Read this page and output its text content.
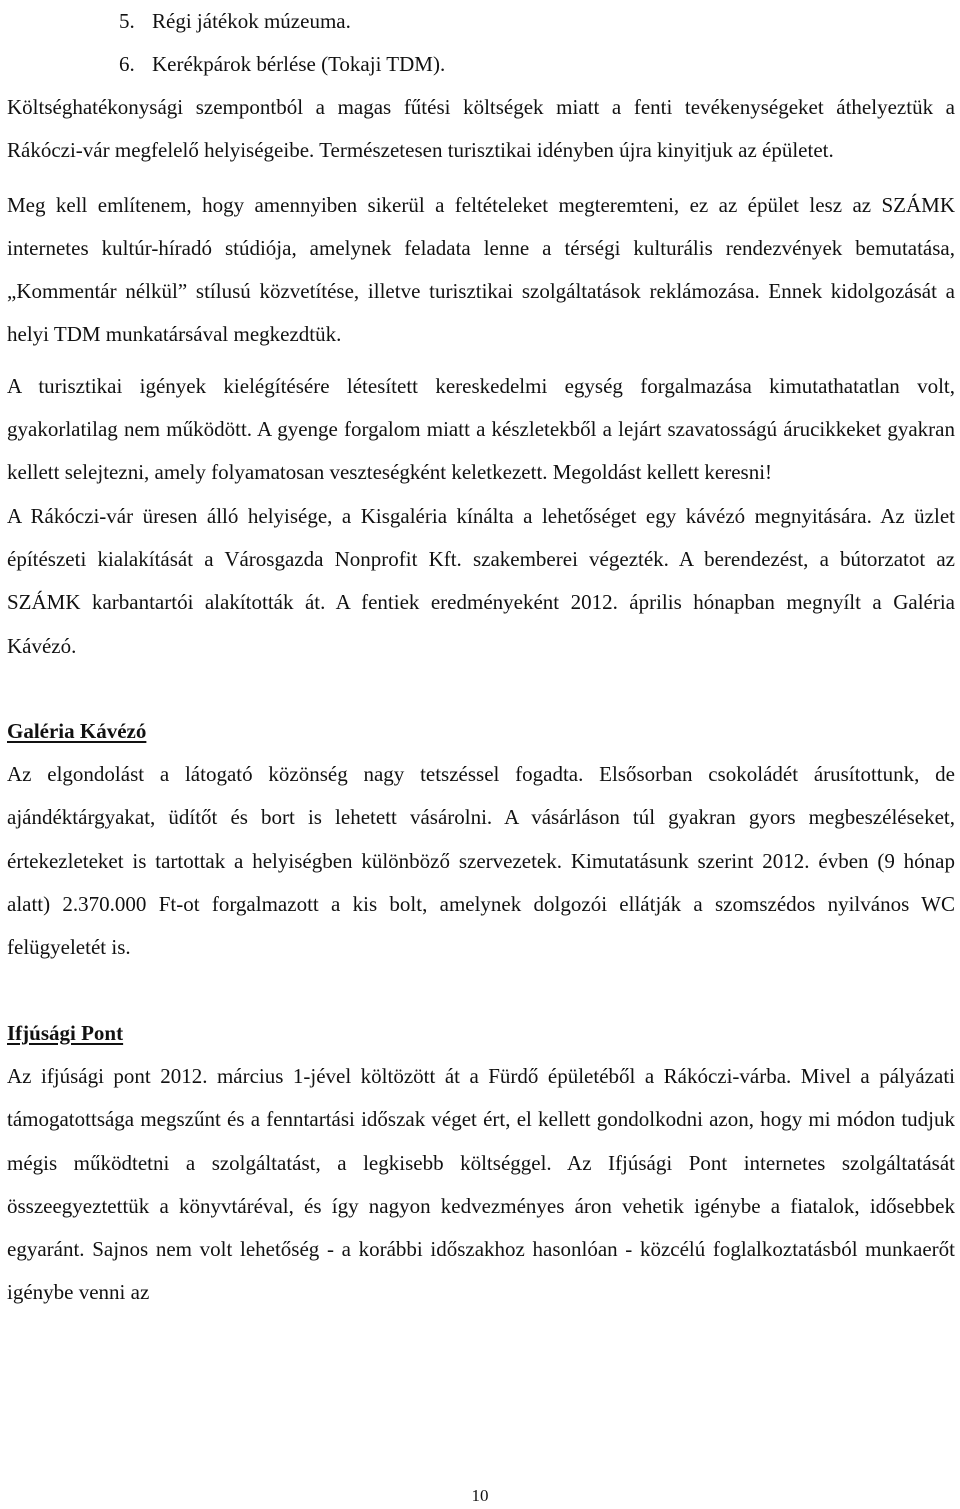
5. Régi játékok múzeuma.
6. Kerékpárok bérlése (Tokaji TDM).

Költséghatékonysági szempontból a magas fűtési költségek miatt a fenti tevékenységeket áthelyeztük a Rákóczi-vár megfelelő helyiségeibe. Természetesen turisztikai idényben újra kinyitjuk az épületet.

Meg kell említenem, hogy amennyiben sikerül a feltételeket megteremteni, ez az épület lesz az SZÁMK internetes kultúr-híradó stúdiója, amelynek feladata lenne a térségi kulturális rendezvények bemutatása, „Kommentár nélkül” stílusú közvetítése, illetve turisztikai szolgáltatások reklámozása. Ennek kidolgozását a helyi TDM munkatársával megkezdtük.

A turisztikai igények kielégítésére létesített kereskedelmi egység forgalmazása kimutathatatlan volt, gyakorlatilag nem működött. A gyenge forgalom miatt a készletekből a lejárt szavatosságú árucikkeket gyakran kellett selejtezni, amely folyamatosan veszteségként keletkezett. Megoldást kellett keresni!

A Rákóczi-vár üresen álló helyisége, a Kisgaléria kínálta a lehetőséget egy kávézó megnyitására. Az üzlet építészeti kialakítását a Városgazda Nonprofit Kft. szakemberei végezték. A berendezést, a bútorzatot az SZÁMK karbantartói alakították át. A fentiek eredményeként 2012. április hónapban megnyílt a Galéria Kávézó.

Galéria Kávézó

Az elgondolást a látogató közönség nagy tetszéssel fogadta. Elsősorban csokoládét árusítottunk, de ajándéktárgyakat, üdítőt és bort is lehetett vásárolni. A vásárláson túl gyakran gyors megbeszéléseket, értekezleteket is tartottak a helyiségben különböző szervezetek. Kimutatásunk szerint 2012. évben (9 hónap alatt) 2.370.000 Ft-ot forgalmazott a kis bolt, amelynek dolgozói ellátják a szomszédos nyilvános WC felügyeletét is.

Ifjúsági Pont

Az ifjúsági pont 2012. március 1-jével költözött át a Fürdő épületéből a Rákóczi-várba. Mivel a pályázati támogatottsága megszűnt és a fenntartási időszak véget ért, el kellett gondolkodni azon, hogy mi módon tudjuk mégis működtetni a szolgáltatást, a legkisebb költséggel. Az Ifjúsági Pont internetes szolgáltatását összeegyeztettük a könyvtáréval, és így nagyon kedvezményes áron vehetik igénybe a fiatalok, idősebbek egyaránt. Sajnos nem volt lehetőség - a korábbi időszakhoz hasonlóan - közcélú foglalkoztatásból munkaerőt igénybe venni az

10
